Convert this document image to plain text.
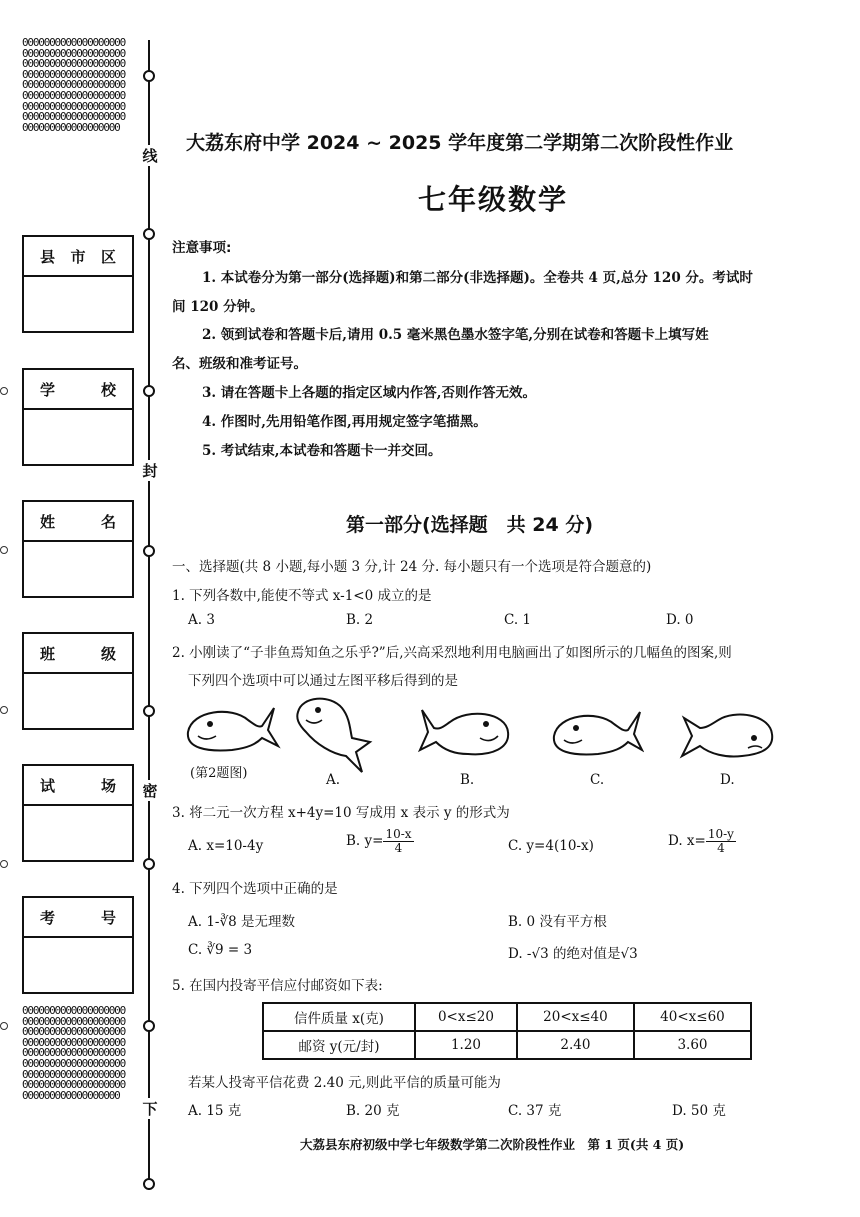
00000000000000000000000000000000000000000000000000000000000000000000000000000000000000000000000000000000000000000000000000000000000000000000000000000000000000000000000000
00000000000000000000000000000000000000000000000000000000000000000000000000000000000000000000000000000000000000000000000000000000000000000000000000000000000000000000000000
线
封
密
下
县 市 区
学	校
姓	名
班	级
试	场
考	号
大荔东府中学 2024 ~ 2025 学年度第二学期第二次阶段性作业
七年级数学
注意事项:
1. 本试卷分为第一部分(选择题)和第二部分(非选择题)。全卷共 4 页,总分 120 分。考试时
间 120 分钟。
2. 领到试卷和答题卡后,请用 0.5 毫米黑色墨水签字笔,分别在试卷和答题卡上填写姓
名、班级和准考证号。
3. 请在答题卡上各题的指定区域内作答,否则作答无效。
4. 作图时,先用铅笔作图,再用规定签字笔描黑。
5. 考试结束,本试卷和答题卡一并交回。
第一部分(选择题　共 24 分)
一、选择题(共 8 小题,每小题 3 分,计 24 分. 每小题只有一个选项是符合题意的)
1. 下列各数中,能使不等式 x-1<0 成立的是
A. 3	B. 2	C. 1	D. 0
2. 小刚读了“子非鱼焉知鱼之乐乎?”后,兴高采烈地利用电脑画出了如图所示的几幅鱼的图案,则
下列四个选项中可以通过左图平移后得到的是
(第2题图)	A.	B.	C.	D.
3. 将二元一次方程 x+4y=10 写成用 x 表示 y 的形式为
A. x=10-4y	B. $y= \frac{10-x}{4}$	C. y=4(10-x)	D. $x= \frac{10-y}{4}$
4. 下列四个选项中正确的是
A. 1-∛8 是无理数	B. 0 没有平方根
C. ∛9 = 3	D. -√3 的绝对值是√3
5. 在国内投寄平信应付邮资如下表:
信件质量 x(克)	0<x≤20	20<x≤40	40<x≤60
邮资 y(元/封)	1.20	2.40	3.60
若某人投寄平信花费 2.40 元,则此平信的质量可能为
A. 15 克	B. 20 克	C. 37 克	D. 50 克
大荔县东府初级中学七年级数学第二次阶段性作业　第 1 页(共 4 页)
